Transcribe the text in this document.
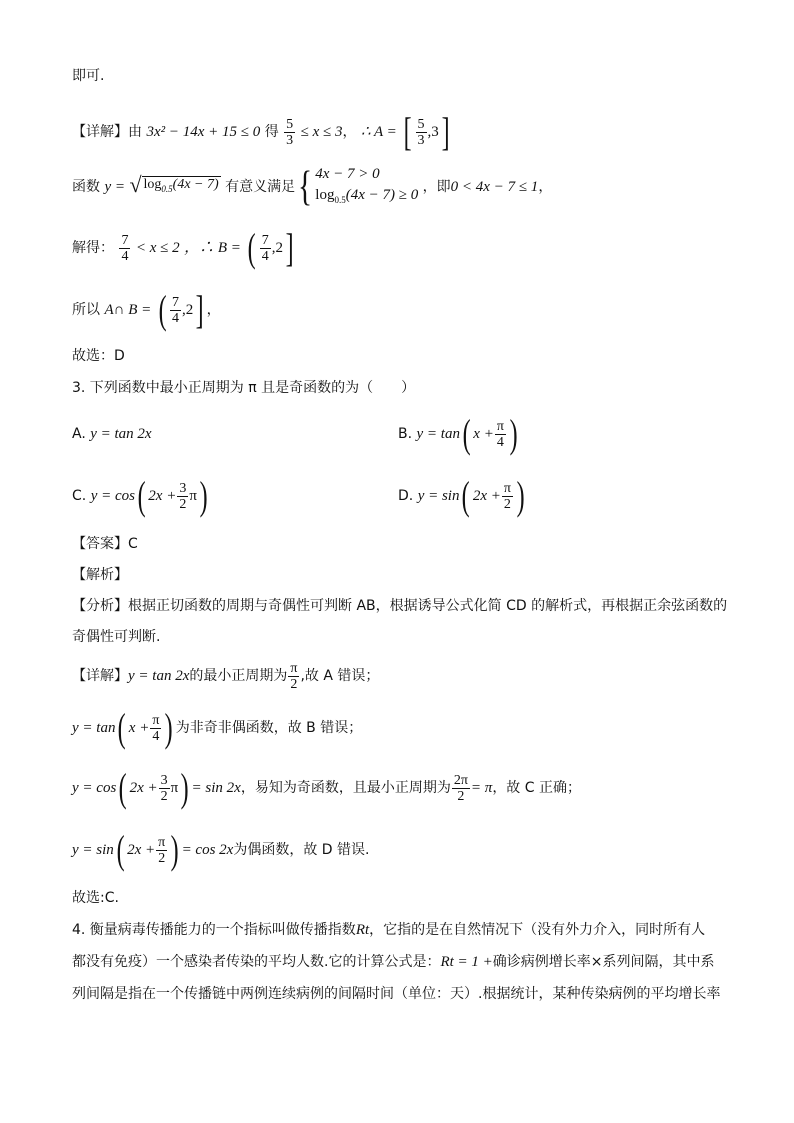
即可.
【详解】由 3x² − 14x + 15 ≤ 0 得 $\frac{5}{3} \le x \le 3$， ∴ A = [ $\frac{5}{3} ,3$]
函数 y = √ $\log_{0.5}(4x - 7)$ 有意义满足{ 4x − 7 > 0
$\log_{0.5}(4x - 7) \ge 0$ ，即0 < 4x − 7 ≤ 1，
解得： $\frac{7}{4} < x \le 2$ ，∴ B = ( $\frac{7}{4} ,2$]
所以 A∩ B = ( $\frac{7}{4} ,2$] ，
故选：D
3. 下列函数中最小正周期为 π 且是奇函数的为（　　）
A. y = tan 2x	B. y = tan( $x + \frac{\pi}{4}$ )
C. y = cos( $2x + \frac{3}{2} \pi$)	D. y = sin( $2x + \frac{\pi}{2}$ )
【答案】C
【解析】
【分析】根据正切函数的周期与奇偶性可判断 AB，根据诱导公式化简 CD 的解析式，再根据正余弦函数的
奇偶性可判断.
【详解】y = tan 2x的最小正周期为 $\frac{\pi}{2}$ ,故 A 错误；
y = tan( $x + \frac{\pi}{4}$ ) 为非奇非偶函数，故 B 错误；
y = cos( $2x + \frac{3}{2} \pi) = \sin 2x$，易知为奇函数，且最小正周期为 $\frac{2\pi}{2} = \pi$，故 C 正确；
y = sin( $2x + \frac{\pi}{2}$ ) = cos 2x为偶函数，故 D 错误.
故选:C.
4. 衡量病毒传播能力的一个指标叫做传播指数Rt，它指的是在自然情况下（没有外力介入，同时所有人
都没有免疫）一个感染者传染的平均人数.它的计算公式是：Rt = 1 +确诊病例增长率×系列间隔，其中系
列间隔是指在一个传播链中两例连续病例的间隔时间（单位：天）.根据统计，某种传染病例的平均增长率
